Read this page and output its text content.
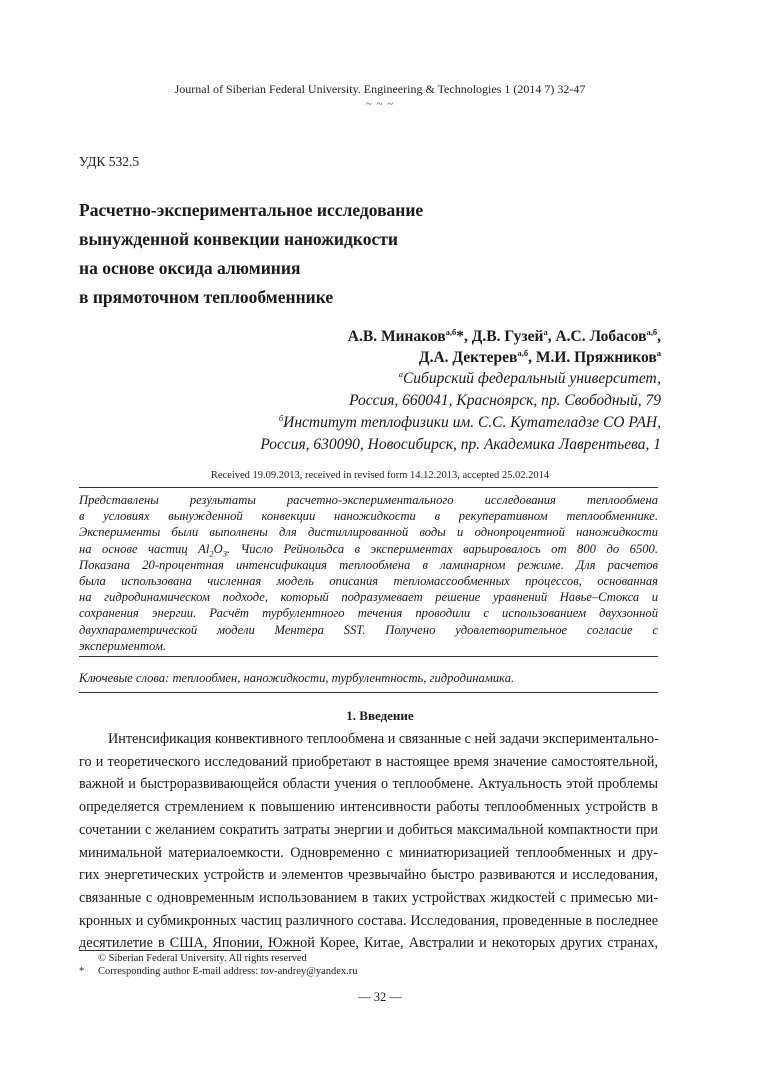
Journal of Siberian Federal University. Engineering & Technologies 1 (2014 7) 32-47
~ ~ ~
УДК 532.5
Расчетно-экспериментальное исследование
вынужденной конвекции наножидкости
на основе оксида алюминия
в прямоточном теплообменнике
А.В. Минаков$^{а,б}$*, Д.В. Гузей$^а$, А.С. Лобасов$^{а,б}$,
Д.А. Дектерев$^{а,б}$, М.И. Пряжников$^а$
$^а$Сибирский федеральный университет,
Россия, 660041, Красноярск, пр. Свободный, 79
$^б$Институт теплофизики им. С.С. Кутателадзе СО РАН,
Россия, 630090, Новосибирск, пр. Академика Лаврентьева, 1
Received 19.09.2013, received in revised form 14.12.2013, accepted 25.02.2014
Представлены результаты расчетно-экспериментального исследования теплообмена
в условиях вынужденной конвекции наножидкости в рекуперативном теплообменнике.
Эксперименты были выполнены для дистиллированной воды и однопроцентной наножидкости
на основе частиц $Al_2O_3$. Число Рейнольдса в экспериментах варьировалось от 800 до 6500.
Показана 20-процентная интенсификация теплообмена в ламинарном режиме. Для расчетов
была использована численная модель описания тепломассообменных процессов, основанная
на гидродинамическом подходе, который подразумевает решение уравнений Навье–Стокса и
сохранения энергии. Расчёт турбулентного течения проводили с использованием двухзонной
двухпараметрической модели Ментера SST. Получено удовлетворительное согласие с
экспериментом.
Ключевые слова: теплообмен, наножидкости, турбулентность, гидродинамика.
1. Введение
Интенсификация конвективного теплообмена и связанные с ней задачи экспериментально-
го и теоретического исследований приобретают в настоящее время значение самостоятельной,
важной и быстроразвивающейся области учения о теплообмене. Актуальность этой проблемы
определяется стремлением к повышению интенсивности работы теплообменных устройств в
сочетании с желанием сократить затраты энергии и добиться максимальной компактности при
минимальной материалоемкости. Одновременно с миниатюризацией теплообменных и дру-
гих энергетических устройств и элементов чрезвычайно быстро развиваются и исследования,
связанные с одновременным использованием в таких устройствах жидкостей с примесью ми-
кронных и субмикронных частиц различного состава. Исследования, проведенные в последнее
десятилетие в США, Японии, Южной Корее, Китае, Австралии и некоторых других странах,
© Siberian Federal University. All rights reserved
* Corresponding author E-mail address: tov-andrey@yandex.ru
— 32 —
